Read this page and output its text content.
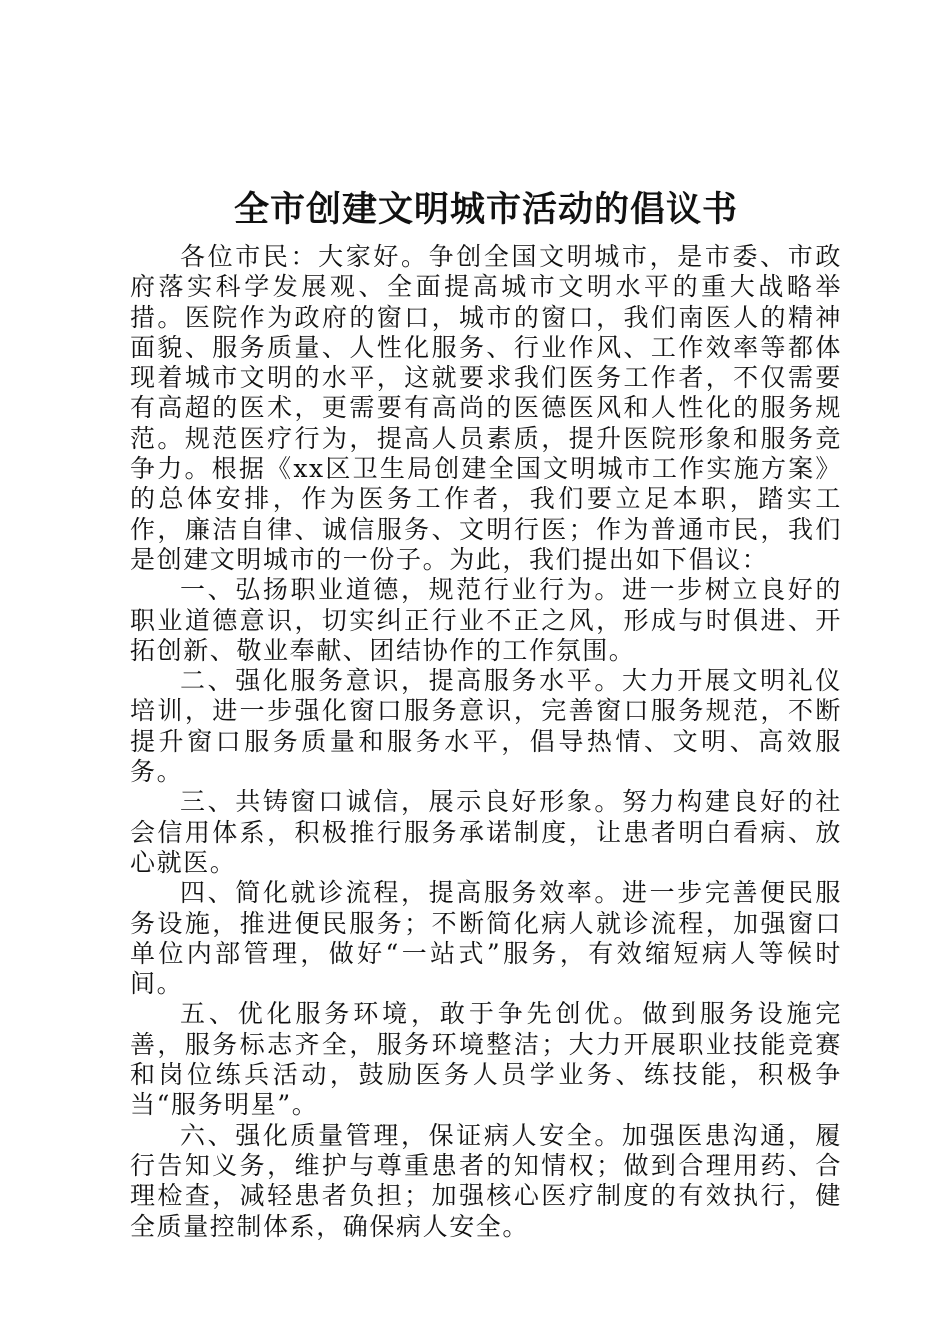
全市创建文明城市活动的倡议书

各位市民：大家好。争创全国文明城市，是市委、市政府落实科学发展观、全面提高城市文明水平的重大战略举措。医院作为政府的窗口，城市的窗口，我们南医人的精神面貌、服务质量、人性化服务、行业作风、工作效率等都体现着城市文明的水平，这就要求我们医务工作者，不仅需要有高超的医术，更需要有高尚的医德医风和人性化的服务规范。规范医疗行为，提高人员素质，提升医院形象和服务竞争力。根据《xx区卫生局创建全国文明城市工作实施方案》的总体安排，作为医务工作者，我们要立足本职，踏实工作，廉洁自律、诚信服务、文明行医；作为普通市民，我们是创建文明城市的一份子。为此，我们提出如下倡议：

一、弘扬职业道德，规范行业行为。进一步树立良好的职业道德意识，切实纠正行业不正之风，形成与时俱进、开拓创新、敬业奉献、团结协作的工作氛围。

二、强化服务意识，提高服务水平。大力开展文明礼仪培训，进一步强化窗口服务意识，完善窗口服务规范，不断提升窗口服务质量和服务水平，倡导热情、文明、高效服务。

三、共铸窗口诚信，展示良好形象。努力构建良好的社会信用体系，积极推行服务承诺制度，让患者明白看病、放心就医。

四、简化就诊流程，提高服务效率。进一步完善便民服务设施，推进便民服务；不断简化病人就诊流程，加强窗口单位内部管理，做好“一站式”服务，有效缩短病人等候时间。

五、优化服务环境，敢于争先创优。做到服务设施完善，服务标志齐全，服务环境整洁；大力开展职业技能竞赛和岗位练兵活动，鼓励医务人员学业务、练技能，积极争当“服务明星”。

六、强化质量管理，保证病人安全。加强医患沟通，履行告知义务，维护与尊重患者的知情权；做到合理用药、合理检查，减轻患者负担；加强核心医疗制度的有效执行，健全质量控制体系，确保病人安全。
